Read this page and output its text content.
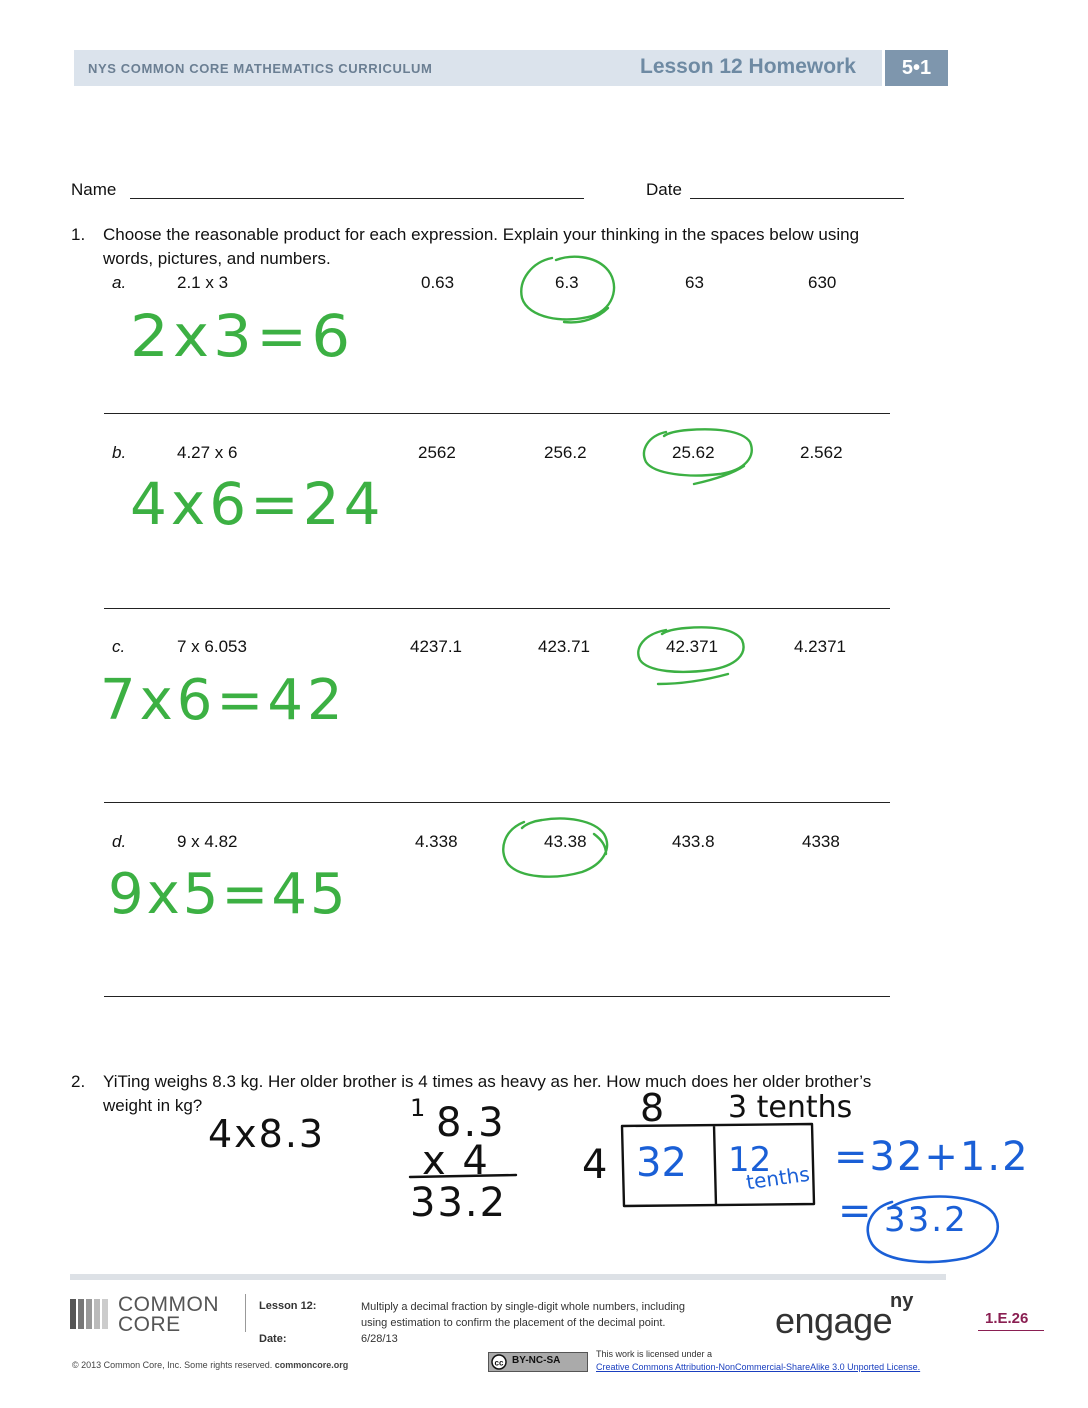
NYS COMMON CORE MATHEMATICS CURRICULUM	Lesson 12 Homework	5•1
Name	Date
1. Choose the reasonable product for each expression. Explain your thinking in the spaces below using
words, pictures, and numbers.
a.	2.1 x 3	0.63	6.3	63	630
2x3=6
b.	4.27 x 6	2562	256.2	25.62	2.562
4x6=24
c.	7 x 6.053	4237.1	423.71	42.371	4.2371
7x6=42
d.	9 x 4.82	4.338	43.38	433.8	4338
9x5=45
2. YiTing weighs 8.3 kg. Her older brother is 4 times as heavy as her. How much does her older brother’s
weight in kg?
4x8.3
1 8.3
x 4
33.2
8 3 tenths
4 32 12
tenths =32+1.2
= 33.2
COMMON
CORE
Lesson 12:
Date:
Multiply a decimal fraction by single-digit whole numbers, including
using estimation to confirm the placement of the decimal point.
6/28/13	engage
ny
1.E.26
© 2013 Common Core, Inc. Some rights reserved. commoncore.org	cc BY-NC-SA
This work is licensed under a
Creative Commons Attribution-NonCommercial-ShareAlike 3.0 Unported License.
